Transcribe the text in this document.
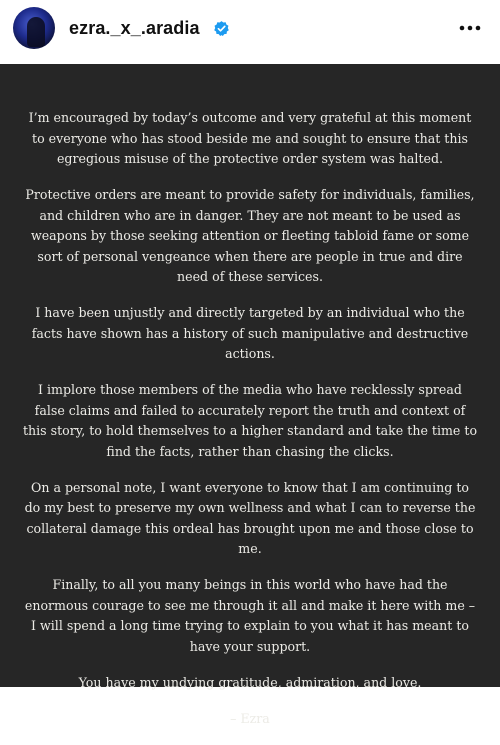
ezra._x_.aradia

I’m encouraged by today’s outcome and very grateful at this moment to everyone who has stood beside me and sought to ensure that this egregious misuse of the protective order system was halted.

Protective orders are meant to provide safety for individuals, families, and children who are in danger. They are not meant to be used as weapons by those seeking attention or fleeting tabloid fame or some sort of personal vengeance when there are people in true and dire need of these services.

I have been unjustly and directly targeted by an individual who the facts have shown has a history of such manipulative and destructive actions.

I implore those members of the media who have recklessly spread false claims and failed to accurately report the truth and context of this story, to hold themselves to a higher standard and take the time to find the facts, rather than chasing the clicks.

On a personal note, I want everyone to know that I am continuing to do my best to preserve my own wellness and what I can to reverse the collateral damage this ordeal has brought upon me and those close to me.

Finally, to all you many beings in this world who have had the enormous courage to see me through it all and make it here with me – I will spend a long time trying to explain to you what it has meant to have your support.

You have my undying gratitude, admiration, and love.

– Ezra
